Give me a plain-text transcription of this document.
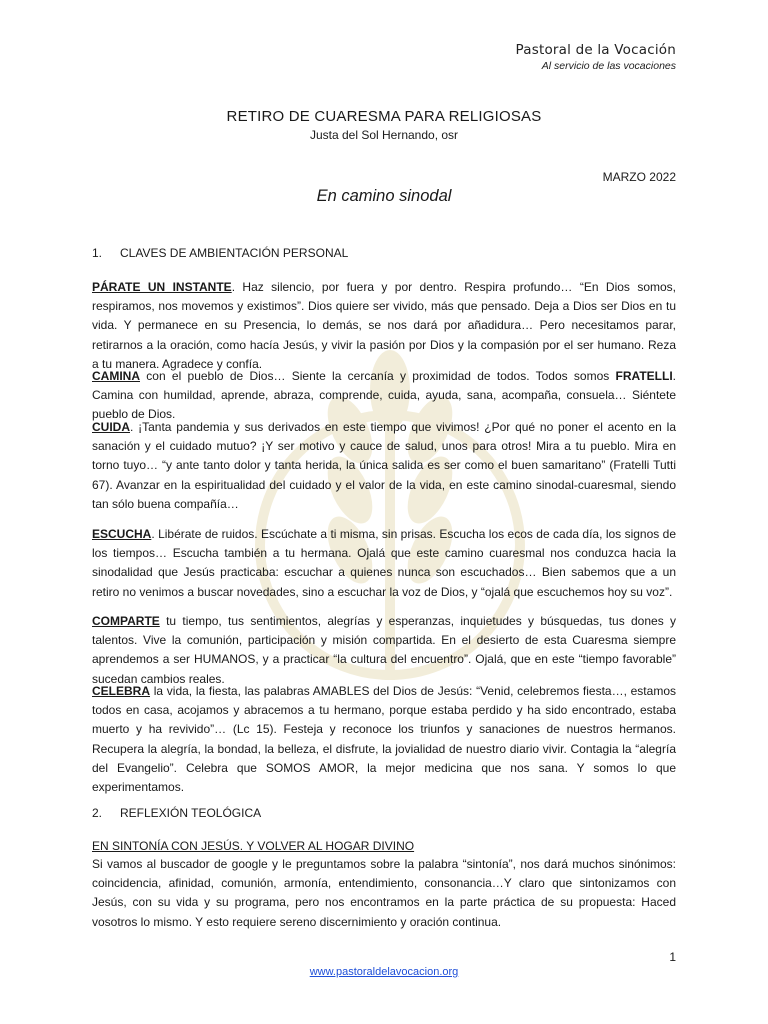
Pastoral de la Vocación
Al servicio de las vocaciones
RETIRO DE CUARESMA PARA RELIGIOSAS
Justa del Sol Hernando, osr
MARZO 2022
En camino sinodal
1. CLAVES DE AMBIENTACIÓN PERSONAL
PÁRATE UN INSTANTE. Haz silencio, por fuera y por dentro. Respira profundo… “En Dios somos, respiramos, nos movemos y existimos”. Dios quiere ser vivido, más que pensado. Deja a Dios ser Dios en tu vida. Y permanece en su Presencia, lo demás, se nos dará por añadidura… Pero necesitamos parar, retirarnos a la oración, como hacía Jesús, y vivir la pasión por Dios y la compasión por el ser humano. Reza a tu manera. Agradece y confía.
CAMINA con el pueblo de Dios… Siente la cercanía y proximidad de todos. Todos somos FRATELLI. Camina con humildad, aprende, abraza, comprende, cuida, ayuda, sana, acompaña, consuela… Siéntete pueblo de Dios.
CUIDA. ¡Tanta pandemia y sus derivados en este tiempo que vivimos! ¿Por qué no poner el acento en la sanación y el cuidado mutuo? ¡Y ser motivo y cauce de salud, unos para otros! Mira a tu pueblo. Mira en torno tuyo… “y ante tanto dolor y tanta herida, la única salida es ser como el buen samaritano” (Fratelli Tutti 67). Avanzar en la espiritualidad del cuidado y el valor de la vida, en este camino sinodal-cuaresmal, siendo tan sólo buena compañía…
ESCUCHA. Libérate de ruidos. Escúchate a ti misma, sin prisas. Escucha los ecos de cada día, los signos de los tiempos… Escucha también a tu hermana. Ojalá que este camino cuaresmal nos conduzca hacia la sinodalidad que Jesús practicaba: escuchar a quienes nunca son escuchados… Bien sabemos que a un retiro no venimos a buscar novedades, sino a escuchar la voz de Dios, y “ojalá que escuchemos hoy su voz”.
COMPARTE tu tiempo, tus sentimientos, alegrías y esperanzas, inquietudes y búsquedas, tus dones y talentos. Vive la comunión, participación y misión compartida. En el desierto de esta Cuaresma siempre aprendemos a ser HUMANOS, y a practicar “la cultura del encuentro”. Ojalá, que en este “tiempo favorable” sucedan cambios reales.
CELEBRA la vida, la fiesta, las palabras AMABLES del Dios de Jesús: “Venid, celebremos fiesta…, estamos todos en casa, acojamos y abracemos a tu hermano, porque estaba perdido y ha sido encontrado, estaba muerto y ha revivido”… (Lc 15). Festeja y reconoce los triunfos y sanaciones de nuestros hermanos. Recupera la alegría, la bondad, la belleza, el disfrute, la jovialidad de nuestro diario vivir. Contagia la “alegría del Evangelio”. Celebra que SOMOS AMOR, la mejor medicina que nos sana. Y somos lo que experimentamos.
2. REFLEXIÓN TEOLÓGICA
EN SINTONÍA CON JESÚS. Y VOLVER AL HOGAR DIVINO
Si vamos al buscador de google y le preguntamos sobre la palabra “sintonía”, nos dará muchos sinónimos: coincidencia, afinidad, comunión, armonía, entendimiento, consonancia…Y claro que sintonizamos con Jesús, con su vida y su programa, pero nos encontramos en la parte práctica de su propuesta: Haced vosotros lo mismo. Y esto requiere sereno discernimiento y oración continua.
1
www.pastoraldelavocacion.org
